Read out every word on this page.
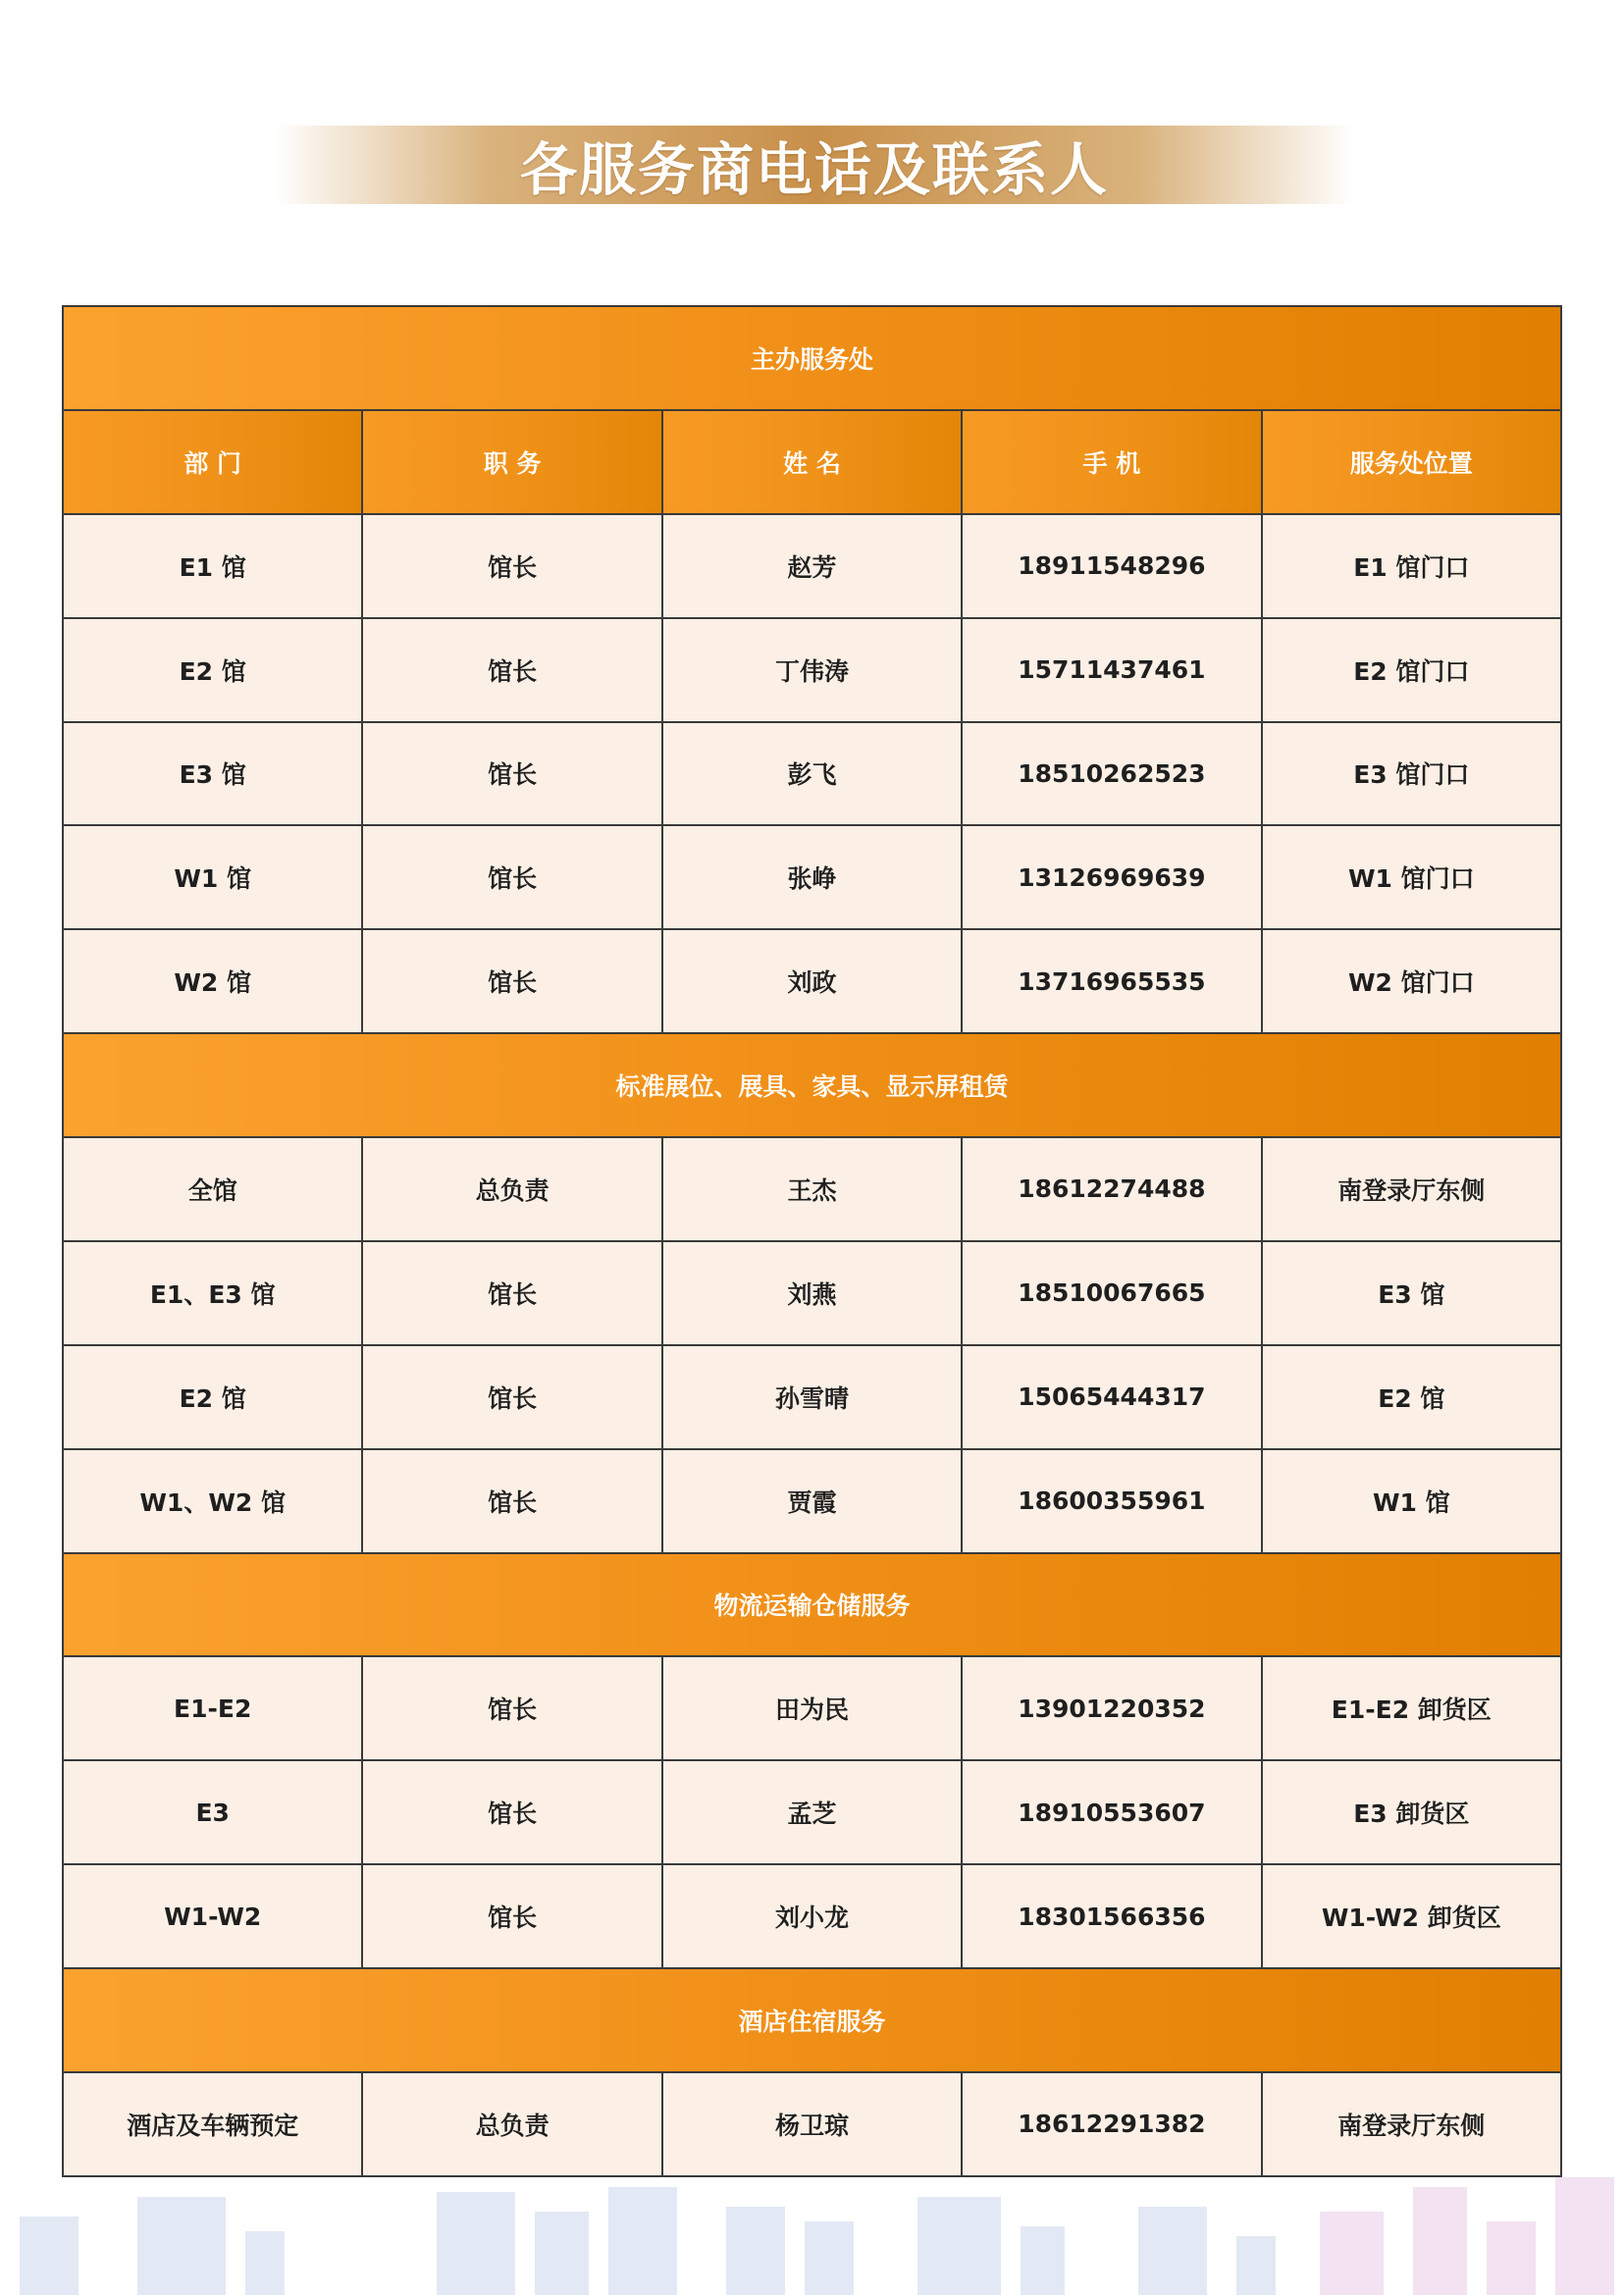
各服务商电话及联系人
主办服务处				
部 门	职 务	姓 名	手 机	服务处位置
E1 馆	馆长	赵芳	18911548296	E1 馆门口
E2 馆	馆长	丁伟涛	15711437461	E2 馆门口
E3 馆	馆长	彭飞	18510262523	E3 馆门口
W1 馆	馆长	张峥	13126969639	W1 馆门口
W2 馆	馆长	刘政	13716965535	W2 馆门口
标准展位、展具、家具、显示屏租赁				
全馆	总负责	王杰	18612274488	南登录厅东侧
E1、E3 馆	馆长	刘燕	18510067665	E3 馆
E2 馆	馆长	孙雪晴	15065444317	E2 馆
W1、W2 馆	馆长	贾霞	18600355961	W1 馆
物流运输仓储服务				
E1-E2	馆长	田为民	13901220352	E1-E2 卸货区
E3	馆长	孟芝	18910553607	E3 卸货区
W1-W2	馆长	刘小龙	18301566356	W1-W2 卸货区
酒店住宿服务				
酒店及车辆预定	总负责	杨卫琼	18612291382	南登录厅东侧
